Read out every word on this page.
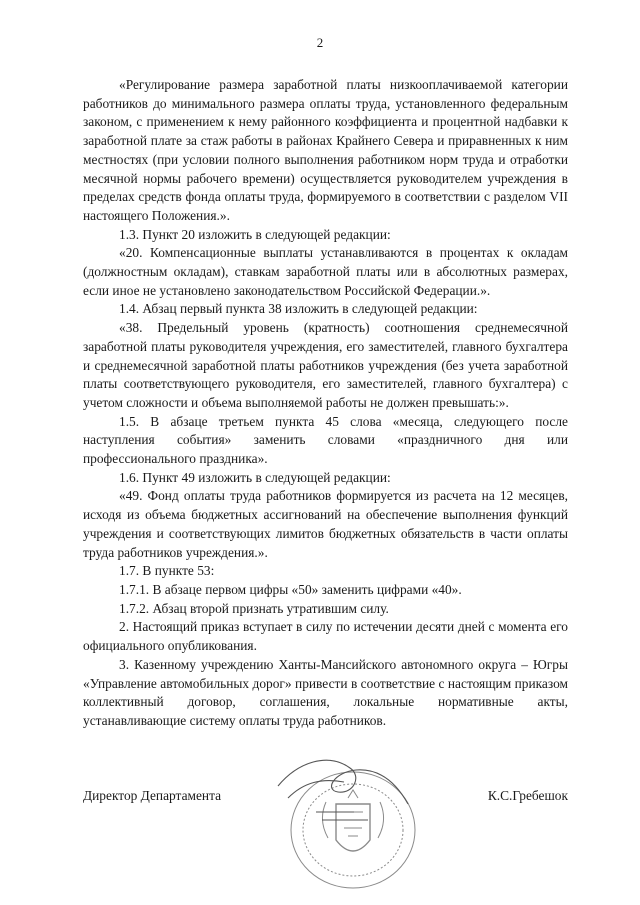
2

«Регулирование размера заработной платы низкооплачиваемой категории работников до минимального размера оплаты труда, установленного федеральным законом, с применением к нему районного коэффициента и процентной надбавки к заработной плате за стаж работы в районах Крайнего Севера и приравненных к ним местностях (при условии полного выполнения работником норм труда и отработки месячной нормы рабочего времени) осуществляется руководителем учреждения в пределах средств фонда оплаты труда, формируемого в соответствии с разделом VII настоящего Положения.».

1.3. Пункт 20 изложить в следующей редакции:

«20. Компенсационные выплаты устанавливаются в процентах к окладам (должностным окладам), ставкам заработной платы или в абсолютных размерах, если иное не установлено законодательством Российской Федерации.».

1.4. Абзац первый пункта 38 изложить в следующей редакции:

«38. Предельный уровень (кратность) соотношения среднемесячной заработной платы руководителя учреждения, его заместителей, главного бухгалтера и среднемесячной заработной платы работников учреждения (без учета заработной платы соответствующего руководителя, его заместителей, главного бухгалтера) с учетом сложности и объема выполняемой работы не должен превышать:».

1.5. В абзаце третьем пункта 45 слова «месяца, следующего после наступления события» заменить словами «праздничного дня или профессионального праздника».

1.6. Пункт 49 изложить в следующей редакции:

«49. Фонд оплаты труда работников формируется из расчета на 12 месяцев, исходя из объема бюджетных ассигнований на обеспечение выполнения функций учреждения и соответствующих лимитов бюджетных обязательств в части оплаты труда работников учреждения.».

1.7. В пункте 53:

1.7.1. В абзаце первом цифры «50» заменить цифрами «40».

1.7.2. Абзац второй признать утратившим силу.

2. Настоящий приказ вступает в силу по истечении десяти дней с момента его официального опубликования.

3. Казенному учреждению Ханты-Мансийского автономного округа – Югры «Управление автомобильных дорог» привести в соответствие с настоящим приказом коллективный договор, соглашения, локальные нормативные акты, устанавливающие систему оплаты труда работников.

Директор Департамента	К.С.Гребешок
